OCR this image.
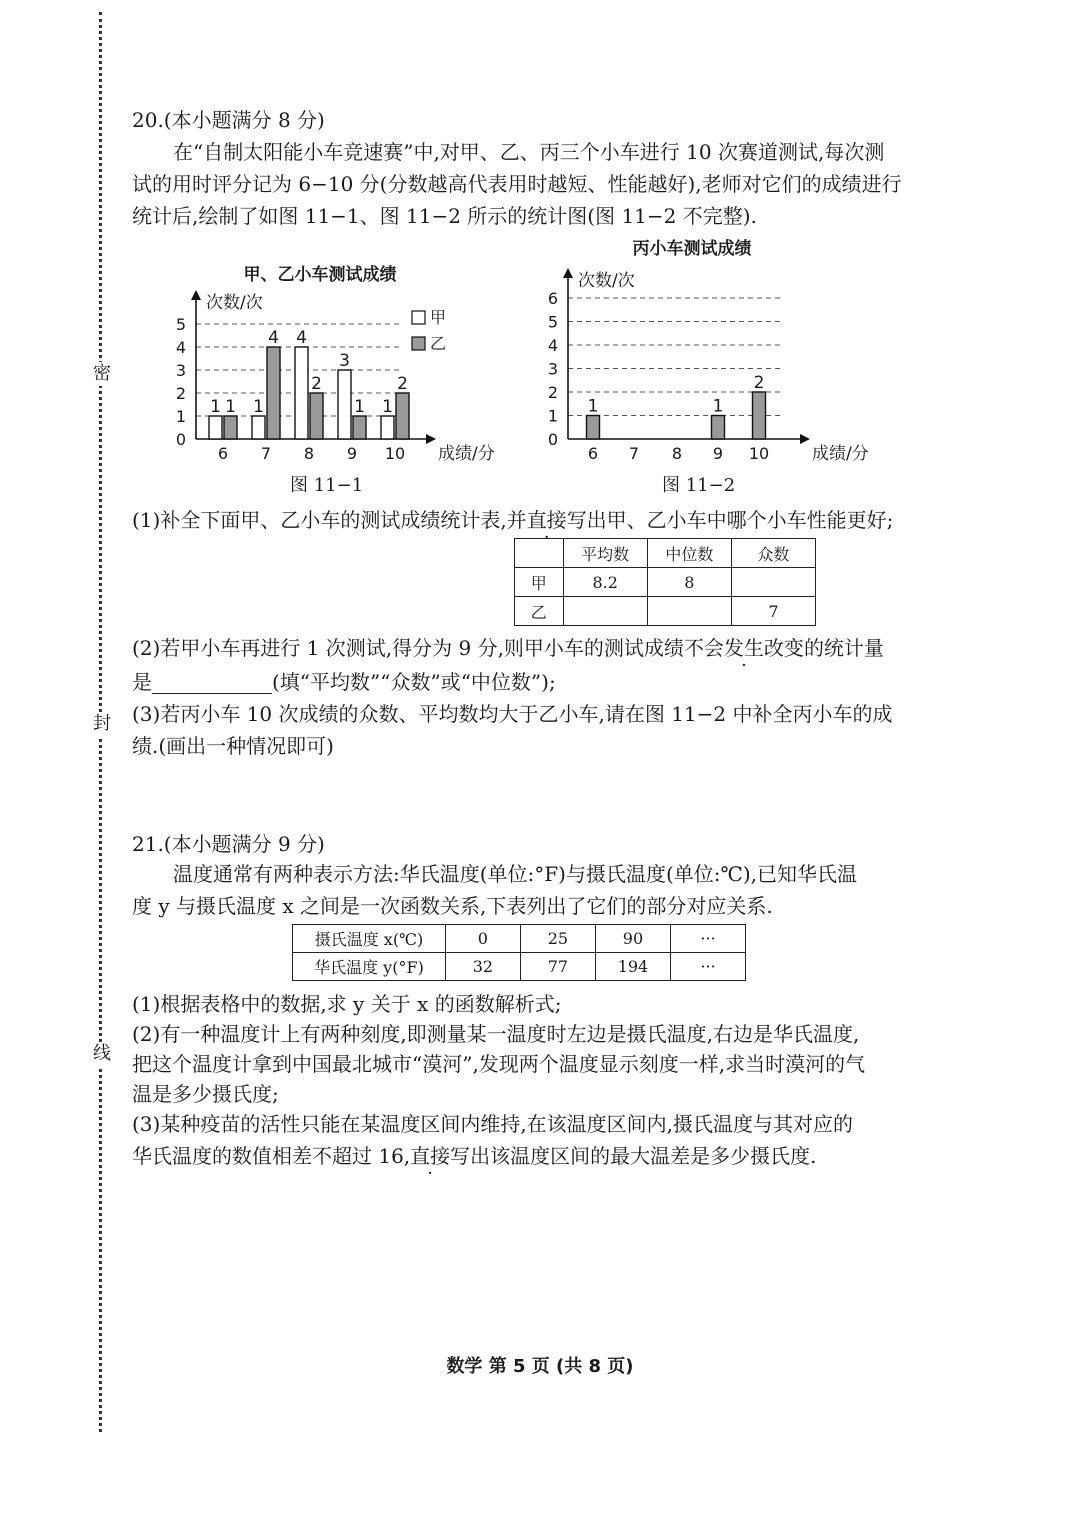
密
封
线
20.(本小题满分 8 分)
在“自制太阳能小车竞速赛”中,对甲、乙、丙三个小车进行 10 次赛道测试,每次测
试的用时评分记为 6−10 分(分数越高代表用时越短、性能越好),老师对它们的成绩进行
统计后,绘制了如图 11−1、图 11−2 所示的统计图(图 11−2 不完整).
甲、乙小车测试成绩
0
1
2
3
4
5
次数/次
成绩/分
6 7 8 9 10
1 1
4
3
1
1
4
2
1
2
甲
乙
丙小车测试成绩
0
1
2
3
4
5
6
次数/次
成绩/分
6 7 8 9 10
1	1
2
图 11−1	图 11−2
(1)补全下面甲、乙小车的测试成绩统计表,并直接写出甲、乙小车中哪个小车性能更好;
	平均数	中位数	众数
甲	8.2	8	
乙			7
(2)若甲小车再进行 1 次测试,得分为 9 分,则甲小车的测试成绩不会发生改变 ·的统计量
是	(填“平均数”“众数”或“中位数”);
(3)若丙小车 10 次成绩的众数、平均数均大于乙小车,请在图 11−2 中补全丙小车的成
绩.(画出一种情况即可)
21.(本小题满分 9 分)
温度通常有两种表示方法:华氏温度(单位:°F)与摄氏温度(单位:℃),已知华氏温
度 y 与摄氏温度 x 之间是一次函数关系,下表列出了它们的部分对应关系.
摄氏温度 x(℃)	0	25	90	···
华氏温度 y(°F)	32	77	194	···
(1)根据表格中的数据,求 y 关于 x 的函数解析式;
(2)有一种温度计上有两种刻度,即测量某一温度时左边是摄氏温度,右边是华氏温度,
把这个温度计拿到中国最北城市“漠河”,发现两个温度显示刻度一样,求当时漠河的气
温是多少摄氏度;
(3)某种疫苗的活性只能在某温度区间内维持,在该温度区间内,摄氏温度与其对应的
华氏温度的数值相差不超过 16,直接写出该温度区间的最大温差是多少摄氏度.
数学 第 5 页 (共 8 页)
